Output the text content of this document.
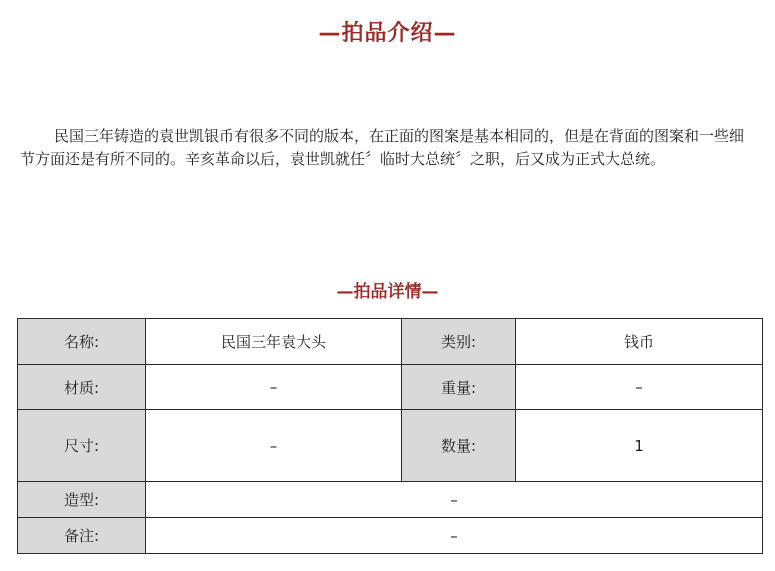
—拍品介绍—

民国三年铸造的袁世凯银币有很多不同的版本，在正面的图案是基本相同的，但是在背面的图案和一些细节方面还是有所不同的。辛亥革命以后，袁世凯就任〞临时大总统〞之职，后又成为正式大总统。

—拍品详情—
名称:	民国三年袁大头	类别:	钱币
材质:	–	重量:	–
尺寸:	–	数量:	1
造型:	–		
备注:	–		
